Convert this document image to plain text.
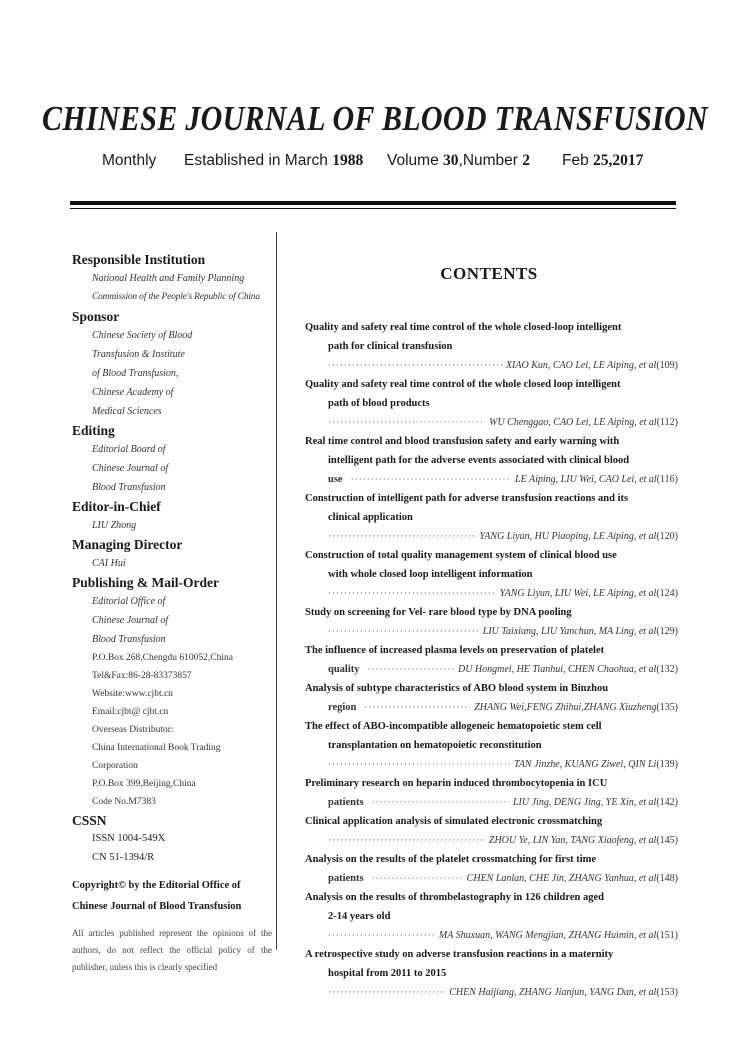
CHINESE JOURNAL OF BLOOD TRANSFUSION
Monthly Established in March 1988 Volume 30,Number 2 Feb 25,2017
Responsible Institution
National Health and Family Planning
Commission of the People's Republic of China
Sponsor
Chinese Society of Blood
Transfusion & Institute
of Blood Transfusion,
Chinese Academy of
Medical Sciences
Editing
Editorial Board of
Chinese Journal of
Blood Transfusion
Editor-in-Chief
LIU Zhong
Managing Director
CAI Hui
Publishing & Mail-Order
Editorial Office of
Chinese Journal of
Blood Transfusion
P.O.Box 268,Chengdu 610052,China
Tel&Fax:86-28-83373857
Website:www.cjbt.cn
Email:cjbt@ cjbt.cn
Overseas Distributor:
China International Book Trading
Corporation
P.O.Box 399,Beijing,China
Code No.M7383
CSSN
ISSN 1004-549X
CN 51-1394/R
Copyright© by the Editorial Office of
Chinese Journal of Blood Transfusion
All articles published represent the opinions of the authors, do not reflect the official policy of the publisher, unless this is clearly specified
CONTENTS
Quality and safety real time control of the whole closed-loop intelligent
path for clinical transfusion
·····
XIAO Kun, CAO Lei, LE Aiping, et al (109)
Quality and safety real time control of the whole closed loop intelligent
path of blood products
·····
WU Chenggao, CAO Lei, LE Aiping, et al (112)
Real time control and blood transfusion safety and early warning with
intelligent path for the adverse events associated with clinical blood
use ·····	LE Aiping, LIU Wei, CAO Lei, et al (116)
Construction of intelligent path for adverse transfusion reactions and its
clinical application
·····
YANG Liyun, HU Piaoping, LE Aiping, et al (120)
Construction of total quality management system of clinical blood use
with whole closed loop intelligent information
·····
YANG Liyun, LIU Wei, LE Aiping, et al (124)
Study on screening for Vel- rare blood type by DNA pooling
·····
LIU Taixiang, LIU Yanchun, MA Ling, et al (129)
The influence of increased plasma levels on preservation of platelet
quality ·····	DU Hongmei, HE Tianhui, CHEN Chaohua, et al (132)
Analysis of subtype characteristics of ABO blood system in Binzhou
region ·····	ZHANG Wei,FENG Zhihui,ZHANG Xiuzheng (135)
The effect of ABO-incompatible allogeneic hematopoietic stem cell
transplantation on hematopoietic reconstitution
·····
TAN Jinzhe, KUANG Ziwei, QIN Li (139)
Preliminary research on heparin induced thrombocytopenia in ICU
patients ·····	LIU Jing, DENG Jing, YE Xin, et al (142)
Clinical application analysis of simulated electronic crossmatching
·····
ZHOU Ye, LIN Yan, TANG Xiaofeng, et al (145)
Analysis on the results of the platelet crossmatching for first time
patients ·····	CHEN Lanlan, CHE Jin, ZHANG Yanhua, et al (148)
Analysis on the results of thrombelastography in 126 children aged
2-14 years old
·····
MA Shuxuan, WANG Mengjian, ZHANG Huimin, et al (151)
A retrospective study on adverse transfusion reactions in a maternity
hospital from 2011 to 2015
·····
CHEN Haijiang, ZHANG Jianjun, YANG Dan, et al (153)
